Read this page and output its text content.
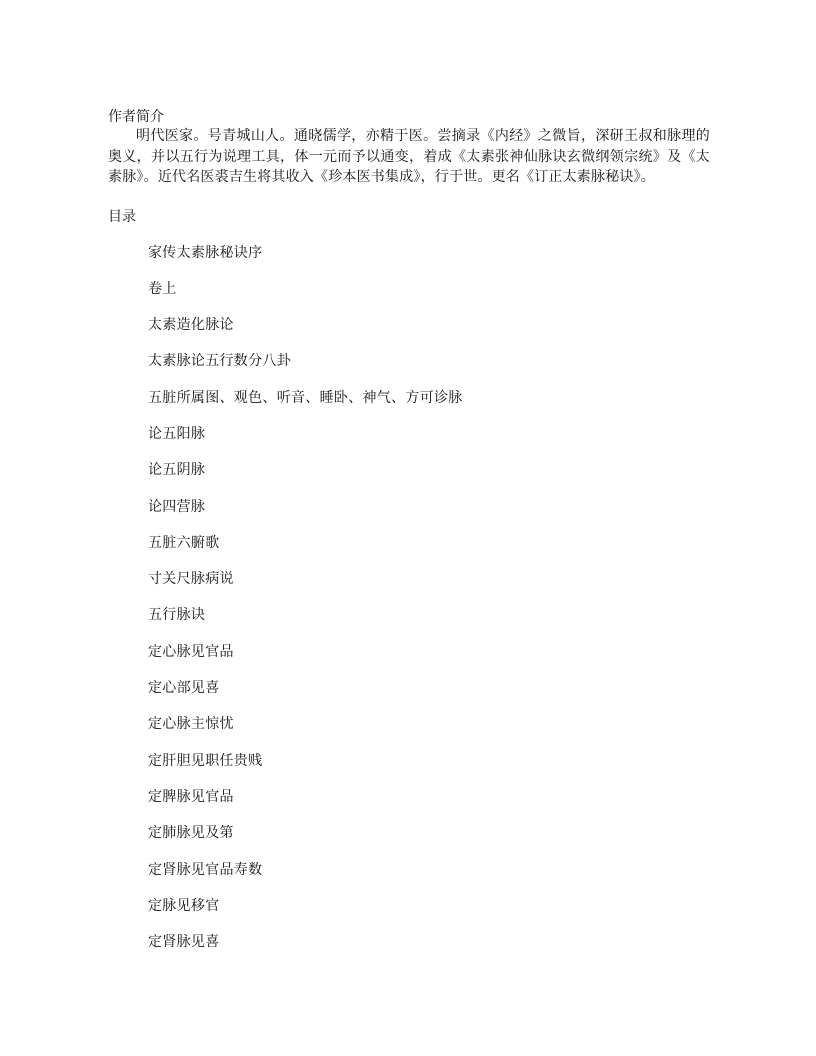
作者简介

明代医家。号青城山人。通晓儒学，亦精于医。尝摘录《内经》之微旨，深研王叔和脉理的奥义，并以五行为说理工具，体一元而予以通变，着成《太素张神仙脉诀玄微纲领宗统》及《太素脉》。近代名医裘吉生将其收入《珍本医书集成》，行于世。更名《订正太素脉秘诀》。

目录

家传太素脉秘诀序
卷上
太素造化脉论
太素脉论五行数分八卦
五脏所属图、观色、听音、睡卧、神气、方可诊脉
论五阳脉
论五阴脉
论四营脉
五脏六腑歌
寸关尺脉病说
五行脉诀
定心脉见官品
定心部见喜
定心脉主惊忧
定肝胆见职任贵贱
定脾脉见官品
定肺脉见及第
定肾脉见官品寿数
定脉见移官
定肾脉见喜
